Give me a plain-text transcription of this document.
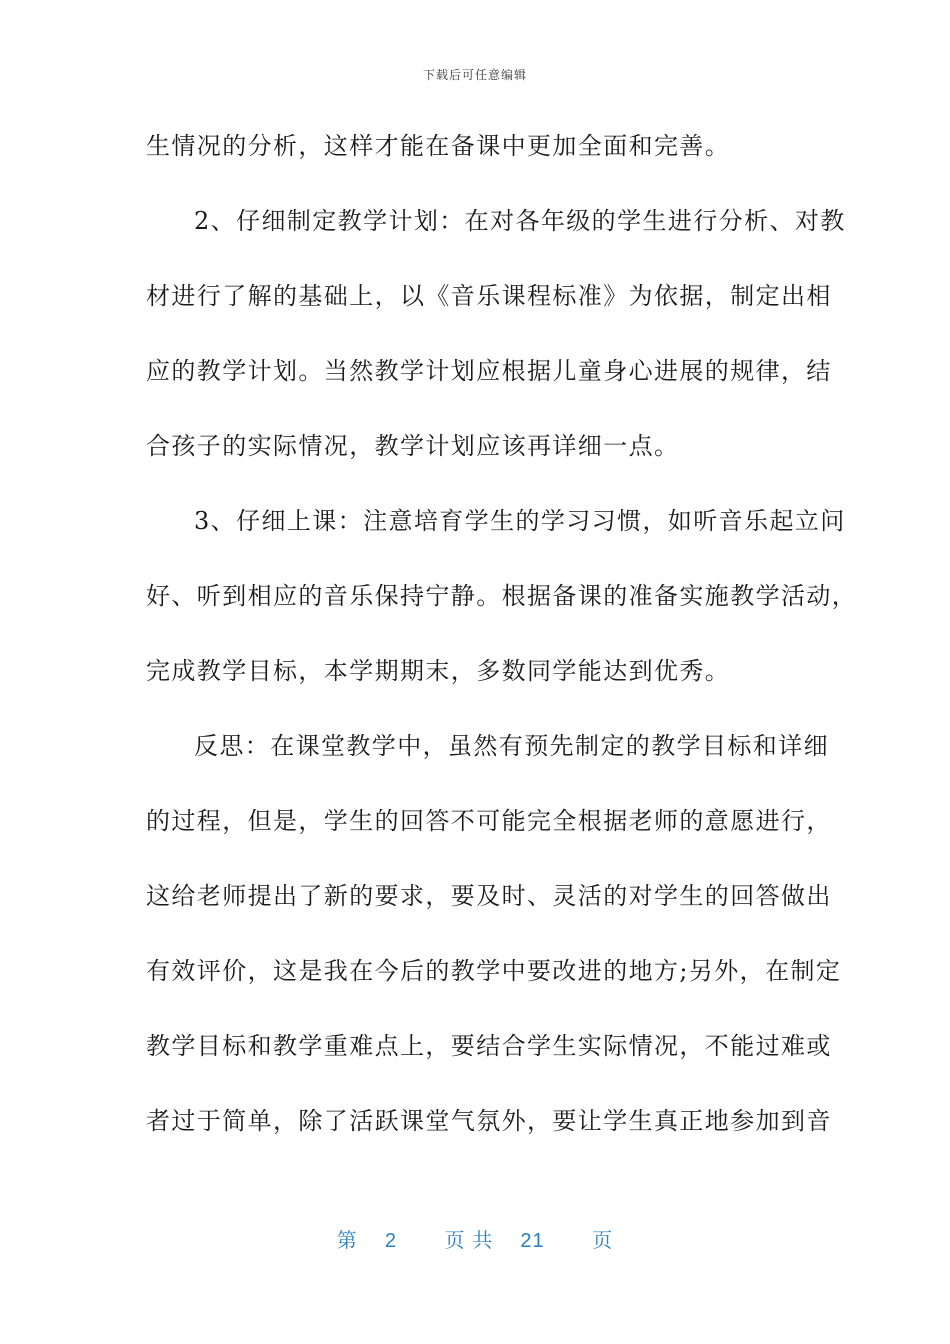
下载后可任意编辑
生情况的分析，这样才能在备课中更加全面和完善。
2、仔细制定教学计划：在对各年级的学生进行分析、对教
材进行了解的基础上，以《音乐课程标准》为依据，制定出相
应的教学计划。当然教学计划应根据儿童身心进展的规律，结
合孩子的实际情况，教学计划应该再详细一点。
3、仔细上课：注意培育学生的学习习惯，如听音乐起立问
好、听到相应的音乐保持宁静。根据备课的准备实施教学活动，
完成教学目标，本学期期末，多数同学能达到优秀。
反思：在课堂教学中，虽然有预先制定的教学目标和详细
的过程，但是，学生的回答不可能完全根据老师的意愿进行，
这给老师提出了新的要求，要及时、灵活的对学生的回答做出
有效评价，这是我在今后的教学中要改进的地方;另外，在制定
教学目标和教学重难点上，要结合学生实际情况，不能过难或
者过于简单，除了活跃课堂气氛外，要让学生真正地参加到音
第 2 页 共 21 页
